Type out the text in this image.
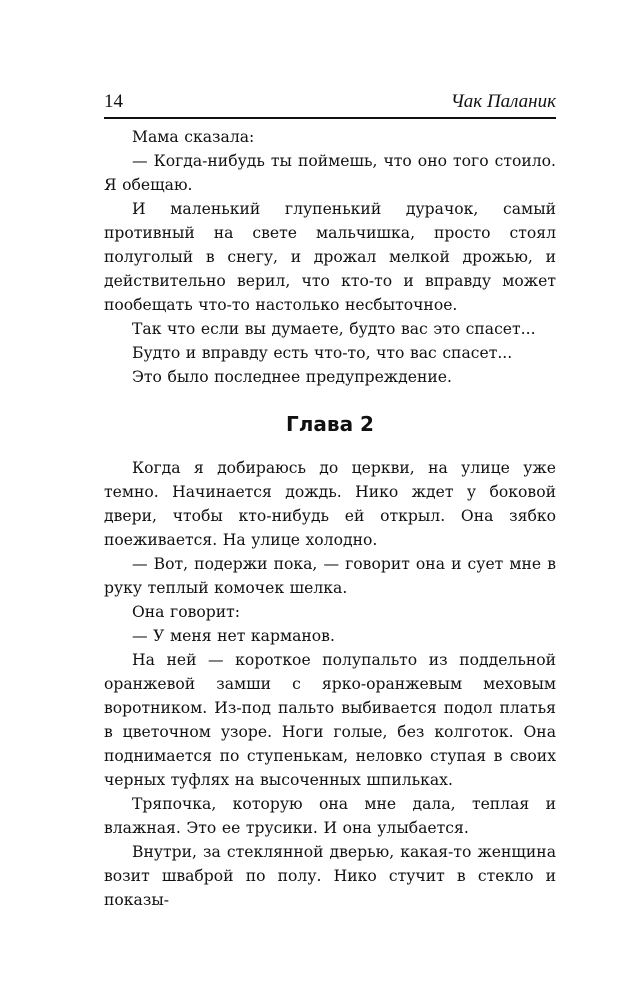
14	Чак Паланик

Мама сказала:

— Когда-нибудь ты поймешь, что оно того стоило. Я обещаю.

И маленький глупенький дурачок, самый противный на свете мальчишка, просто стоял полуголый в снегу, и дрожал мелкой дрожью, и действительно верил, что кто-то и вправду может пообещать что-то настолько несбыточное.

Так что если вы думаете, будто вас это спасет...

Будто и вправду есть что-то, что вас спасет...

Это было последнее предупреждение.

Глава 2

Когда я добираюсь до церкви, на улице уже темно. Начинается дождь. Нико ждет у боковой двери, чтобы кто-нибудь ей открыл. Она зябко поеживается. На улице холодно.

— Вот, подержи пока, — говорит она и сует мне в руку теплый комочек шелка.

Она говорит:

— У меня нет карманов.

На ней — короткое полупальто из поддельной оранжевой замши с ярко-оранжевым меховым воротником. Из-под пальто выбивается подол платья в цветочном узоре. Ноги голые, без колготок. Она поднимается по ступенькам, неловко ступая в своих черных туфлях на высоченных шпильках.

Тряпочка, которую она мне дала, теплая и влажная. Это ее трусики. И она улыбается.

Внутри, за стеклянной дверью, какая-то женщина возит шваброй по полу. Нико стучит в стекло и показы-
